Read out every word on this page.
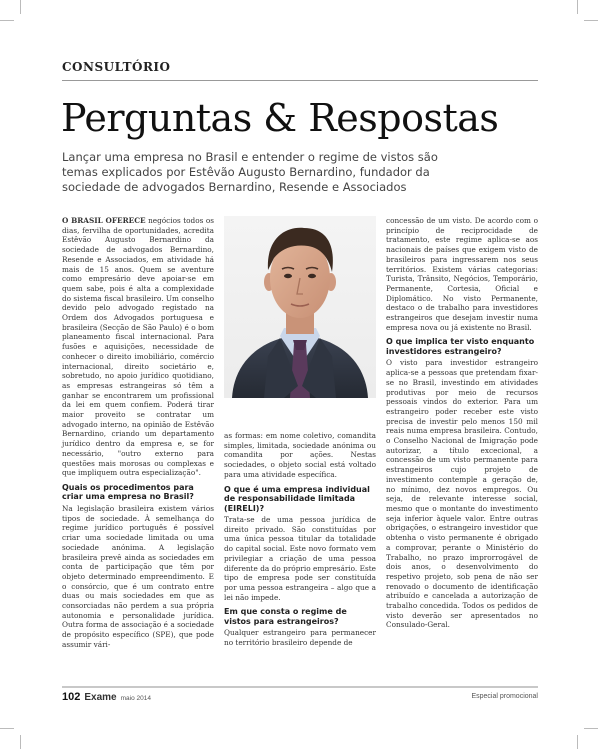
CONSULTÓRIO
Perguntas & Respostas
Lançar uma empresa no Brasil e entender o regime de vistos são temas explicados por Estêvão Augusto Bernardino, fundador da sociedade de advogados Bernardino, Resende e Associados

O BRASIL OFERECE negócios todos os dias, fervilha de oportunidades, acredita Estêvão Augusto Bernardino da sociedade de advogados Bernardino, Resende e Associados, em atividade há mais de 15 anos. Quem se aventure como empresário deve apoiar-se em quem sabe, pois é alta a complexidade do sistema fiscal brasileiro. Um conselho devido pelo advogado registado na Ordem dos Advogados portuguesa e brasileira (Secção de São Paulo) é o bom planeamento fiscal internacional. Para fusões e aquisições, necessidade de conhecer o direito imobiliário, comércio internacional, direito societário e, sobretudo, no apoio jurídico quotidiano, as empresas estrangeiras só têm a ganhar se encontrarem um profissional da lei em quem confiem. Poderá tirar maior proveito se contratar um advogado interno, na opinião de Estêvão Bernardino, criando um departamento jurídico dentro da empresa e, se for necessário, "outro externo para questões mais morosas ou complexas e que impliquem outra especialização".

Quais os procedimentos para criar uma empresa no Brasil?

Na legislação brasileira existem vários tipos de sociedade. À semelhança do regime jurídico português é possível criar uma sociedade limitada ou uma sociedade anónima. A legislação brasileira prevê ainda as sociedades em conta de participação que têm por objeto determinado empreendimento. E o consórcio, que é um contrato entre duas ou mais sociedades em que as consorciadas não perdem a sua própria autonomia e personalidade jurídica. Outra forma de associação é a sociedade de propósito específico (SPE), que pode assumir vári-

as formas: em nome coletivo, comandita simples, limitada, sociedade anónima ou comandita por ações. Nestas sociedades, o objeto social está voltado para uma atividade específica.

O que é uma empresa individual de responsabilidade limitada (EIRELI)?

Trata-se de uma pessoa jurídica de direito privado. São constituídas por uma única pessoa titular da totalidade do capital social. Este novo formato vem privilegiar a criação de uma pessoa diferente da do próprio empresário. Este tipo de empresa pode ser constituída por uma pessoa estrangeira – algo que a lei não impede.

Em que consta o regime de vistos para estrangeiros?

Qualquer estrangeiro para permanecer no território brasileiro depende de

concessão de um visto. De acordo com o princípio de reciprocidade de tratamento, este regime aplica-se aos nacionais de países que exigem visto de brasileiros para ingressarem nos seus territórios. Existem várias categorias: Turista, Trânsito, Negócios, Temporário, Permanente, Cortesia, Oficial e Diplomático. No visto Permanente, destaco o de trabalho para investidores estrangeiros que desejam investir numa empresa nova ou já existente no Brasil.

O que implica ter visto enquanto investidores estrangeiro?

O visto para investidor estrangeiro aplica-se a pessoas que pretendam fixar-se no Brasil, investindo em atividades produtivas por meio de recursos pessoais vindos do exterior. Para um estrangeiro poder receber este visto precisa de investir pelo menos 150 mil reais numa empresa brasileira. Contudo, o Conselho Nacional de Imigração pode autorizar, a título excecional, a concessão de um visto permanente para estrangeiros cujo projeto de investimento contemple a geração de, no mínimo, dez novos empregos. Ou seja, de relevante interesse social, mesmo que o montante do investimento seja inferior àquele valor. Entre outras obrigações, o estrangeiro investidor que obtenha o visto permanente é obrigado a comprovar, perante o Ministério do Trabalho, no prazo improrrogável de dois anos, o desenvolvimento do respetivo projeto, sob pena de não ser renovado o documento de identificação atribuído e cancelada a autorização de trabalho concedida. Todos os pedidos de visto deverão ser apresentados no Consulado-Geral.

102 Exame maio 2014	Especial promocional
